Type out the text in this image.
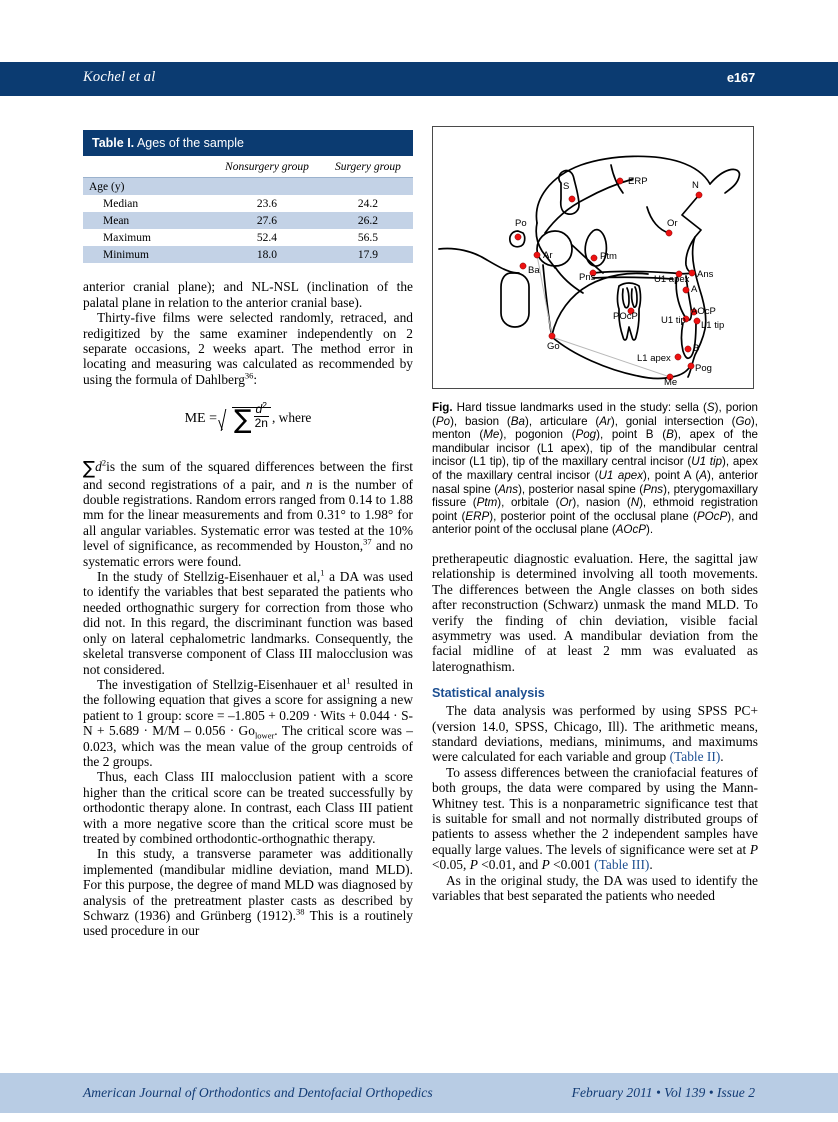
Kochel et al	e167
Table I. Ages of the sample
	Nonsurgery group	Surgery group
Age (y)		
Median	23.6	24.2
Mean	27.6	26.2
Maximum	52.4	56.5
Minimum	18.0	17.9

anterior cranial plane); and NL-NSL (inclination of the palatal plane in relation to the anterior cranial base).

Thirty-five films were selected randomly, retraced, and redigitized by the same examiner independently on 2 separate occasions, 2 weeks apart. The method error in locating and measuring was calculated as recommended by using the formula of Dahlberg$^{36}$:

ME = ∑ $\frac{d^2}{2n}$ , where

$\sum d^2is$ the sum of the squared differences between the first and second registrations of a pair, and n is the number of double registrations. Random errors ranged from 0.14 to 1.88 mm for the linear measurements and from 0.31° to 1.98° for all angular variables. Systematic error was tested at the 10% level of significance, as recommended by Houston,$^{37}$ and no systematic errors were found.

In the study of Stellzig-Eisenhauer et al,$^1$ a DA was used to identify the variables that best separated the patients who needed orthognathic surgery for correction from those who did not. In this regard, the discriminant function was based only on lateral cephalometric landmarks. Consequently, the skeletal transverse component of Class III malocclusion was not considered.

The investigation of Stellzig-Eisenhauer et $al^1$ resulted in the following equation that gives a score for assigning a new patient to 1 group: score = –1.805 + 0.209 · Wits + $0.044 \cdot S-N + 5.689 \cdot M/M - 0.056 \cdot Go_{lower}$. The critical score was –0.023, which was the mean value of the group centroids of the 2 groups.

Thus, each Class III malocclusion patient with a score higher than the critical score can be treated successfully by orthodontic therapy alone. In contrast, each Class III patient with a more negative score than the critical score must be treated by combined orthodontic-orthognathic therapy.

In this study, a transverse parameter was additionally implemented (mandibular midline deviation, mand MLD). For this purpose, the degree of mand MLD was diagnosed by analysis of the pretreatment plaster casts as described by Schwarz (1936) and Grünberg (1912).$^{38}$ This is a routinely used procedure in our

S	ERP	N
Po	Or
Ar
Ba
Ptm
Pns	U1 apex Ans
A
POcP	AOcP
U1 tip L1 tip
Go	B
L1 apex
Pog
Me

Fig. Hard tissue landmarks used in the study: sella (S), porion (Po), basion (Ba), articulare (Ar), gonial intersection (Go), menton (Me), pogonion (Pog), point B (B), apex of the mandibular incisor (L1 apex), tip of the mandibular central incisor (L1 tip), tip of the maxillary central incisor (U1 tip), apex of the maxillary central incisor (U1 apex), point A (A), anterior nasal spine (Ans), posterior nasal spine (Pns), pterygomaxillary fissure (Ptm), orbitale (Or), nasion (N), ethmoid registration point (ERP), posterior point of the occlusal plane (POcP), and anterior point of the occlusal plane (AOcP).

pretherapeutic diagnostic evaluation. Here, the sagittal jaw relationship is determined involving all tooth movements. The differences between the Angle classes on both sides after reconstruction (Schwarz) unmask the mand MLD. To verify the finding of chin deviation, visible facial asymmetry was used. A mandibular deviation from the facial midline of at least 2 mm was evaluated as laterognathism.

Statistical analysis

The data analysis was performed by using SPSS PC+ (version 14.0, SPSS, Chicago, Ill). The arithmetic means, standard deviations, medians, minimums, and maximums were calculated for each variable and group (Table II).

To assess differences between the craniofacial features of both groups, the data were compared by using the Mann-Whitney test. This is a nonparametric significance test that is suitable for small and not normally distributed groups of patients to assess whether the 2 independent samples have equally large values. The levels of significance were set at P <0.05, P <0.01, and P <0.001 (Table III).

As in the original study, the DA was used to identify the variables that best separated the patients who needed

American Journal of Orthodontics and Dentofacial Orthopedics	February 2011 • Vol 139 • Issue 2
